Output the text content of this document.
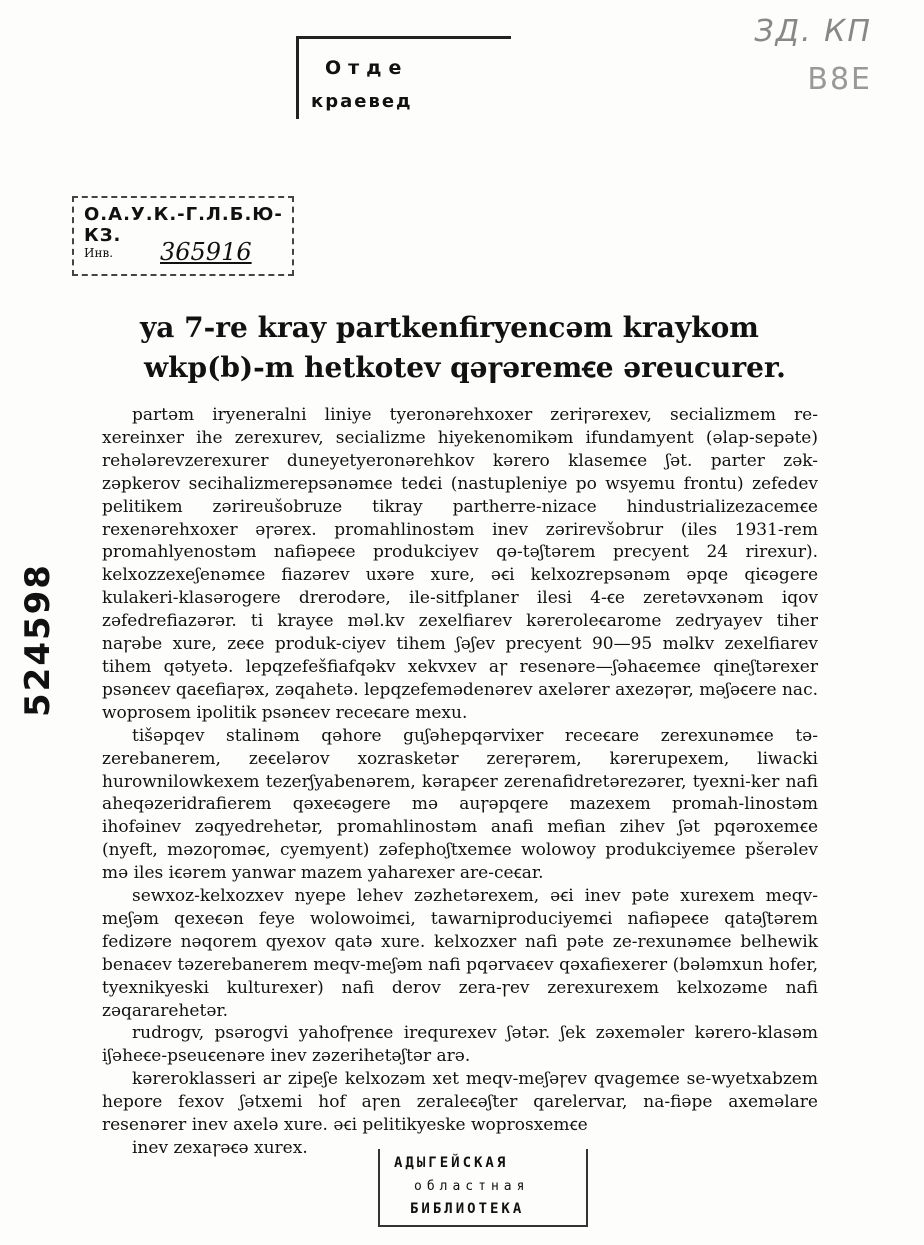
Отде
краевед
ЗД. КП
В8Е
О.А.У.К.-Г.Л.Б.Ю-КЗ.
Инв. 365916
524598
ya 7-re kray partkenfiryencəm kraykom
wkp(b)-m hetkotev qəꞅəremꞓe əreucurer.

partəm iryeneralni liniye tyeronərehxoxer zeriꞅərexev, secializmem re-xereinxer ihe zerexurev, secializme hiyekenomikəm ifundamyent (əlap-sepəte) rehələrevzerexurer duneyetyeronərehkov kərero klasemꞓe ʃət. parter zək-zəpkerov secihalizmerepsənəmꞓe tedꞓi (nastupleniye po wsyemu frontu) zefedev pelitikem zərireušobruze tikray partherre-nizace hindustrializezacemꞓe rexenərehxoxer əꞅərex. promahlinostəm inev zərirevšobrur (iles 1931-rem promahlyenostəm nafiəpeꞓe produkciyev qə-təʃtərem precyent 24 rirexur). kelxozzexeʃenəmꞓe fiazərev uxəre xure, əꞓi kelxozrepsənəm əpqe qiꞓəgere kulakeri-klasərogere drerodəre, ile-sitfplaner ilesi 4-ꞓe zeretəvxənəm iqov zəfedrefiazərər. ti krayꞓe məl.kv zexelfiarev kəreroleꞓarome zedryayev tiher naꞅəbe xure, zeꞓe produk-ciyev tihem ʃəʃev precyent 90—95 məlkv zexelfiarev tihem qətyetə. lepqzefešfiafqəkv xekvxev aꞅ resenəre—ʃəhaꞓemꞓe qineʃtərexer psənꞓev qaꞓefiaꞅəx, zəqahetə. lepqzefemədenərev axelərer axezəꞅər, məʃəꞓere nac. woprosem ipolitik psənꞓev receꞓare mexu.

tišəpqev stalinəm qəhore guʃəheрqərvixer receꞓare zerexunəmꞓe tə-zerebanerem, zeꞓelərov xozrasketər zereꞅərem, kərerupexem, liwacki hurownilowkexem tezerʃyabenərem, kərapꞓer zerenafidretərezərer, tyexni-ker nafi aheqəzeridrafierem qəxeꞓəgere mə auꞅəpqere mazexem promah-linostəm ihofəinev zəqyedrehetər, promahlinostəm anafi mefian zihev ʃət pqəroxemꞓe (nyeft, məzoꞅoməꞓ, cyemyent) zəfephoʃtxemꞓe wolowoy produkciyemꞓe pšerəlev mə iles iꞓərem yanwar mazem yaharexer are-ceꞓar.

sewxoz-kelxozxev nyepe lehev zəzhetərexem, əꞓi inev pəte xurexem meqv-meʃəm qexeꞓən feye wolowoimꞓi, tawarniproduciyemꞓi nafiəpeꞓe qatəʃtərem fedizəre nəqorem qyexov qatə xure. kelxozxer nafi pəte ze-rexunəmꞓe belhewik benaꞓev təzerebanerem meqv-meʃəm nafi pqərvaꞓev qəxafiexerer (bələmxun hofer, tyexnikyeski kulturexer) nafi derov zera-ꞅev zerexurexem kelxozəme nafi zəqararehetər.

rudrogv, psərogvi yahofꞅenꞓe irequrexev ʃətər. ʃek zəxeməler kərero-klasəm iʃəheꞓe-pseuꞓenəre inev zəzerihetəʃtər arə.

kəreroklasseri ar zipeʃe kelxozəm xet meqv-meʃəꞅev qvagemꞓe se-wyetxabzem hepore fexov ʃətxemi hof aꞅen zeraleꞓəʃter qarelervar, na-fiəpe axeməlare resenərer inev axelə xure. əꞓi pelitikyeske woprosxemꞓe

inev zexaꞅəꞓə xurex.

АДЫГЕЙСКАЯ
областная
БИБЛИОТЕКА
